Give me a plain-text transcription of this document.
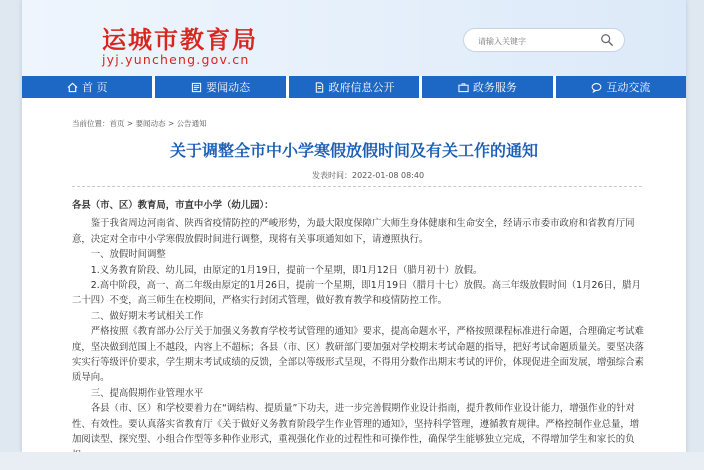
运城市教育局
jyj.yuncheng.gov.cn
请输入关键字
首 页	要闻动态	政府信息公开	政务服务	互动交流
当前位置：首页 > 要闻动态 > 公告通知
关于调整全市中小学寒假放假时间及有关工作的通知
发表时间：2022-01-08 08:40

各县（市、区）教育局，市直中小学（幼儿园）：

鉴于我省周边河南省、陕西省疫情防控的严峻形势，为最大限度保障广大师生身体健康和生命安全，经请示市委市政府和省教育厅同意，决定对全市中小学寒假放假时间进行调整，现将有关事项通知如下，请遵照执行。

一、放假时间调整

1.义务教育阶段、幼儿园，由原定的1月19日，提前一个星期，即1月12日（腊月初十）放假。

2.高中阶段，高一、高二年级由原定的1月26日，提前一个星期，即1月19日（腊月十七）放假。高三年级放假时间（1月26日，腊月二十四）不变，高三师生在校期间，严格实行封闭式管理，做好教育教学和疫情防控工作。

二、做好期末考试相关工作

严格按照《教育部办公厅关于加强义务教育学校考试管理的通知》要求，提高命题水平，严格按照课程标准进行命题，合理确定考试难度，坚决做到范围上不越段，内容上不超标；各县（市、区）教研部门要加强对学校期末考试命题的指导，把好考试命题质量关。要坚决落实实行等级评价要求，学生期末考试成绩的反馈，全部以等级形式呈现，不得用分数作出期末考试的评价，体现促进全面发展，增强综合素质导向。

三、提高假期作业管理水平

各县（市、区）和学校要着力在“调结构、提质量”下功夫，进一步完善假期作业设计指南，提升教师作业设计能力，增强作业的针对性、有效性。要认真落实省教育厅《关于做好义务教育阶段学生作业管理的通知》，坚持科学管理，遵循教育规律。严格控制作业总量，增加阅读型、探究型、小组合作型等多种作业形式，重视强化作业的过程性和可操作性，确保学生能够独立完成，不得增加学生和家长的负
